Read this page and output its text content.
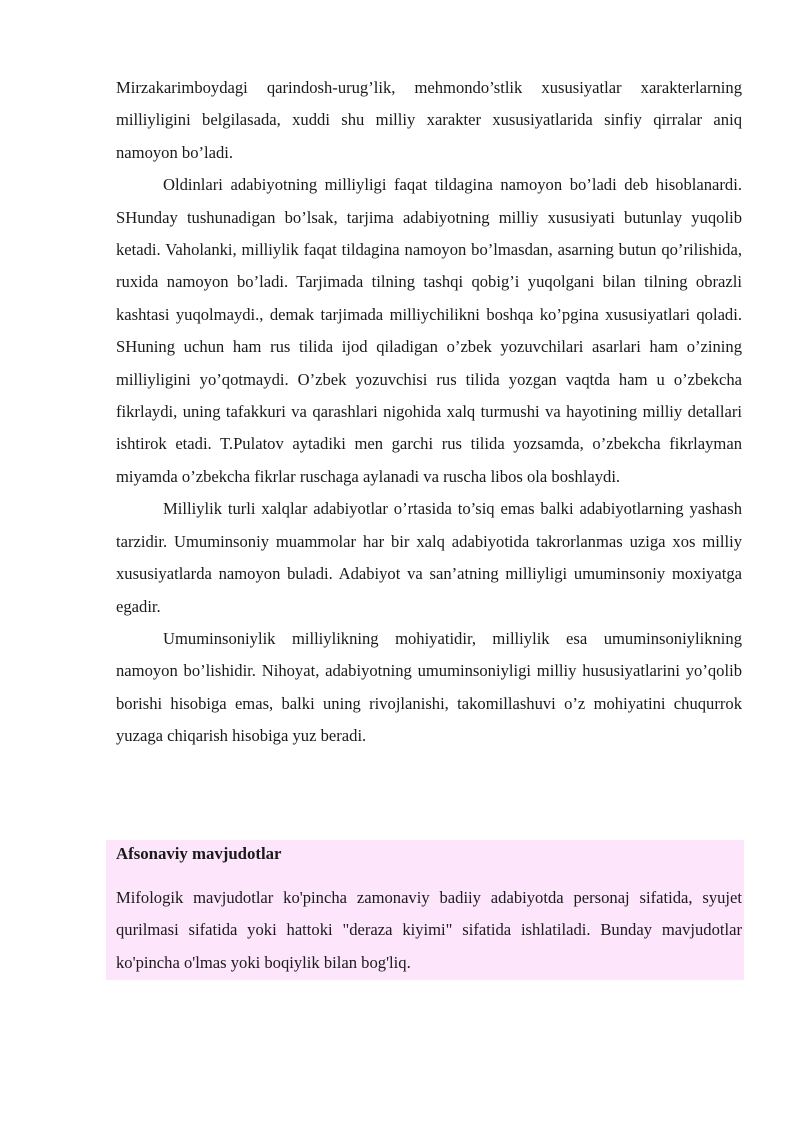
Mirzakarimboydagi qarindosh-urug’lik, mehmondo’stlik xususiyatlar xarakterlarning milliyligini belgilasada, xuddi shu milliy xarakter xususiyatlarida sinfiy qirralar aniq namoyon bo’ladi.

Oldinlari adabiyotning milliyligi faqat tildagina namoyon bo’ladi deb hisoblanardi. SHunday tushunadigan bo’lsak, tarjima adabiyotning milliy xususiyati butunlay yuqolib ketadi. Vaholanki, milliylik faqat tildagina namoyon bo’lmasdan, asarning butun qo’rilishida, ruxida namoyon bo’ladi. Tarjimada tilning tashqi qobig’i yuqolgani bilan tilning obrazli kashtasi yuqolmaydi., demak tarjimada milliychilikni boshqa ko’pgina xususiyatlari qoladi. SHuning uchun ham rus tilida ijod qiladigan o’zbek yozuvchilari asarlari ham o’zining milliyligini yo’qotmaydi. O’zbek yozuvchisi rus tilida yozgan vaqtda ham u o’zbekcha fikrlaydi, uning tafakkuri va qarashlari nigohida xalq turmushi va hayotining milliy detallari ishtirok etadi. T.Pulatov aytadiki men garchi rus tilida yozsamda, o’zbekcha fikrlayman miyamda o’zbekcha fikrlar ruschaga aylanadi va ruscha libos ola boshlaydi.

Milliylik turli xalqlar adabiyotlar o’rtasida to’siq emas balki adabiyotlarning yashash tarzidir. Umuminsoniy muammolar har bir xalq adabiyotida takrorlanmas uziga xos milliy xususiyatlarda namoyon buladi. Adabiyot va san’atning milliyligi umuminsoniy moxiyatga egadir.

Umuminsoniylik milliylikning mohiyatidir, milliylik esa umuminsoniylikning namoyon bo’lishidir. Nihoyat, adabiyotning umuminsoniyligi milliy hususiyatlarini yo’qolib borishi hisobiga emas, balki uning rivojlanishi, takomillashuvi o’z mohiyatini chuqurrok yuzaga chiqarish hisobiga yuz beradi.

Afsonaviy mavjudotlar

Mifologik mavjudotlar ko'pincha zamonaviy badiiy adabiyotda personaj sifatida, syujet qurilmasi sifatida yoki hattoki "deraza kiyimi" sifatida ishlatiladi. Bunday mavjudotlar ko'pincha o'lmas yoki boqiylik bilan bog'liq.
